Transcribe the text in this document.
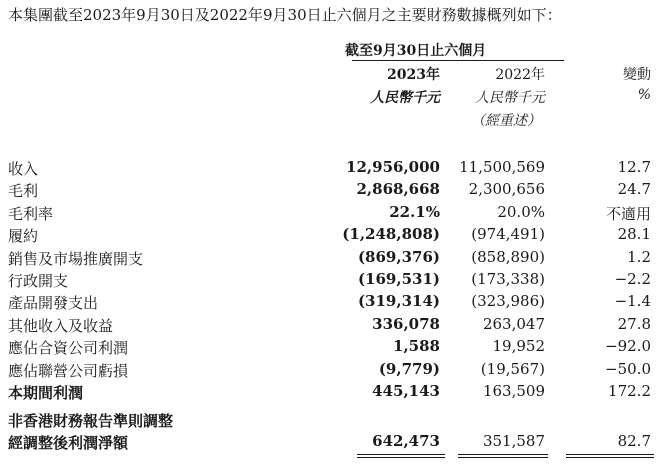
本集團截至2023年9月30日及2022年9月30日止六個月之主要財務數據概列如下：
截至9月30日止六個月
2023年	2022年	變動
人民幣千元	人民幣千元	%
（經重述）
收入	12,956,000 11,500,569	12.7
毛利	2,868,668 2,300,656	24.7
毛利率	22.1%	20.0%	不適用
履約	(1,248,808) (974,491)	28.1
銷售及市場推廣開支	(869,376) (858,890)	1.2
行政開支	(169,531) (173,338)	−2.2
產品開發支出	(319,314) (323,986)	−1.4
其他收入及收益	336,078	263,047	27.8
應佔合資公司利潤	1,588	19,952	−92.0
應佔聯營公司虧損	(9,779)	(19,567)	−50.0
本期間利潤	445,143	163,509	172.2
非香港財務報告準則調整
經調整後利潤淨額	642,473	351,587	82.7
